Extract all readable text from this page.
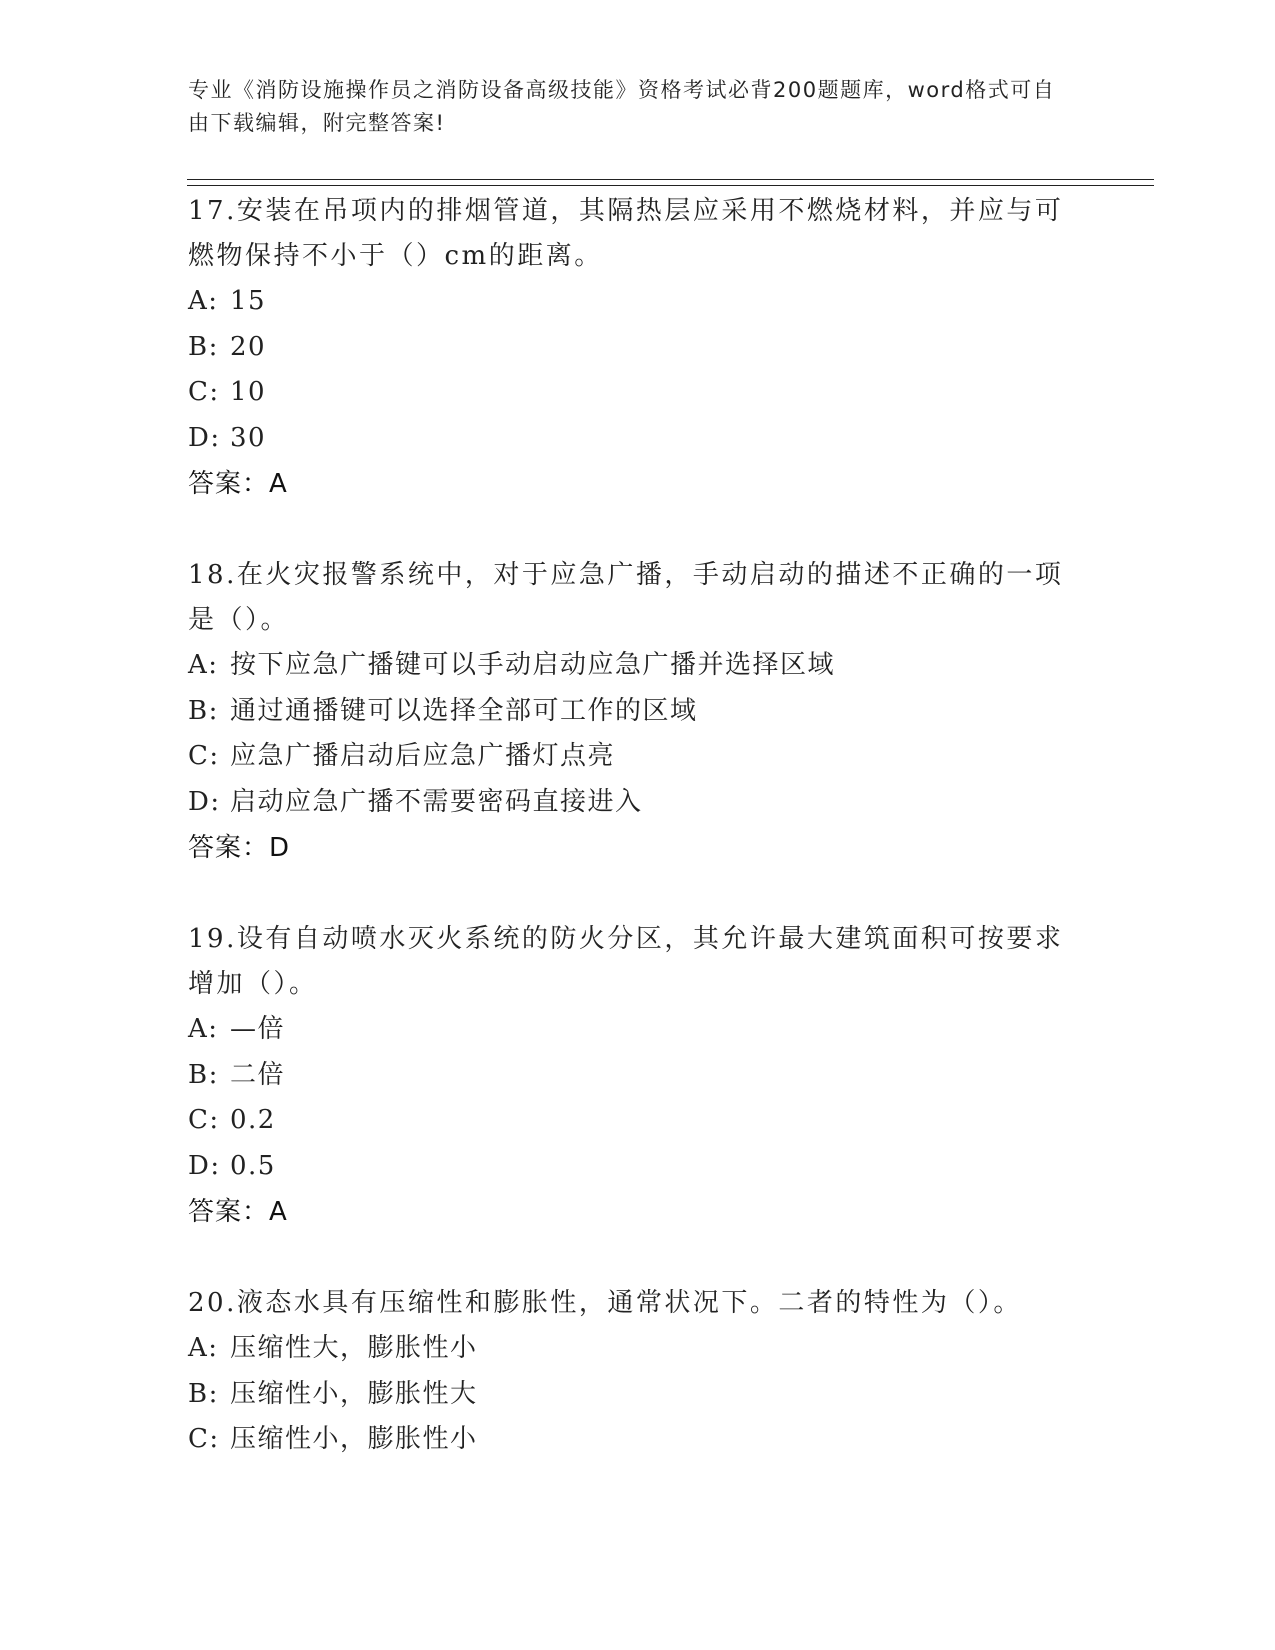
专业《消防设施操作员之消防设备高级技能》资格考试必背200题题库，word格式可自由下载编辑，附完整答案!
17.安装在吊项内的排烟管道，其隔热层应采用不燃烧材料，并应与可燃物保持不小于（）cm的距离。
A: 15
B: 20
C: 10
D: 30
答案：A
18.在火灾报警系统中，对于应急广播，手动启动的描述不正确的一项是（）。
A: 按下应急广播键可以手动启动应急广播并选择区域
B: 通过通播键可以选择全部可工作的区域
C: 应急广播启动后应急广播灯点亮
D: 启动应急广播不需要密码直接进入
答案：D
19.设有自动喷水灭火系统的防火分区，其允许最大建筑面积可按要求增加（）。
A: —倍
B: 二倍
C: 0.2
D: 0.5
答案：A
20.液态水具有压缩性和膨胀性，通常状况下。二者的特性为（）。
A: 压缩性大，膨胀性小
B: 压缩性小，膨胀性大
C: 压缩性小，膨胀性小
